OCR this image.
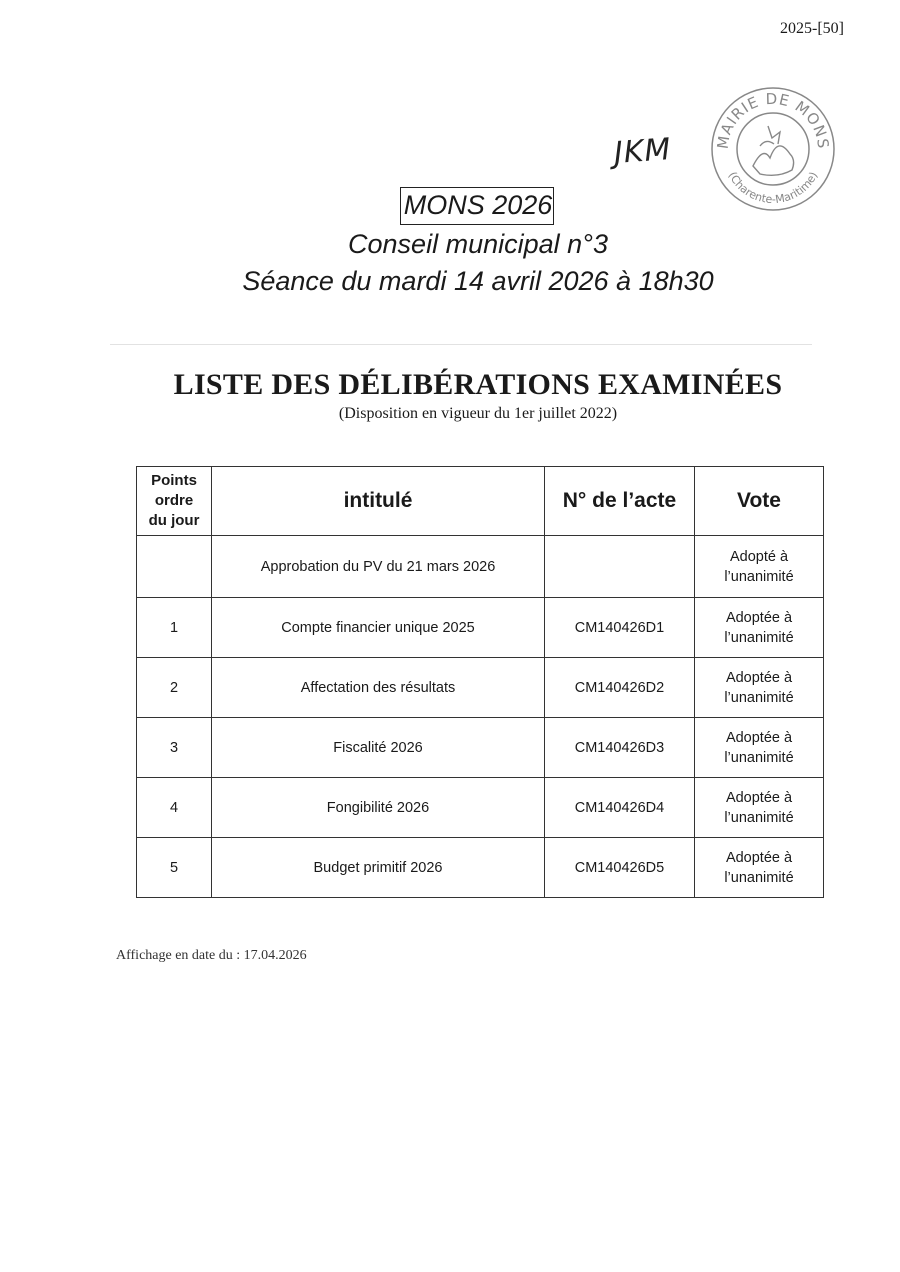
2025-[50]
JKM	MAIRIE DE MONS
(Charente-Maritime)
MONS 2026
Conseil municipal n°3
Séance du mardi 14 avril 2026 à 18h30
LISTE DES DÉLIBÉRATIONS EXAMINÉES
(Disposition en vigueur du 1er juillet 2022)
Points
ordre
du jour	intitulé	N° de l’acte	Vote
	Approbation du PV du 21 mars 2026		Adopté à
l’unanimité

1	Compte financier unique 2025	CM140426D1	Adoptée à
l’unanimité

2	Affectation des résultats	CM140426D2	Adoptée à
l’unanimité

3	Fiscalité 2026	CM140426D3	Adoptée à
l’unanimité

4	Fongibilité 2026	CM140426D4	Adoptée à
l’unanimité

5	Budget primitif 2026	CM140426D5	Adoptée à
l’unanimité
Affichage en date du : 17.04.2026
